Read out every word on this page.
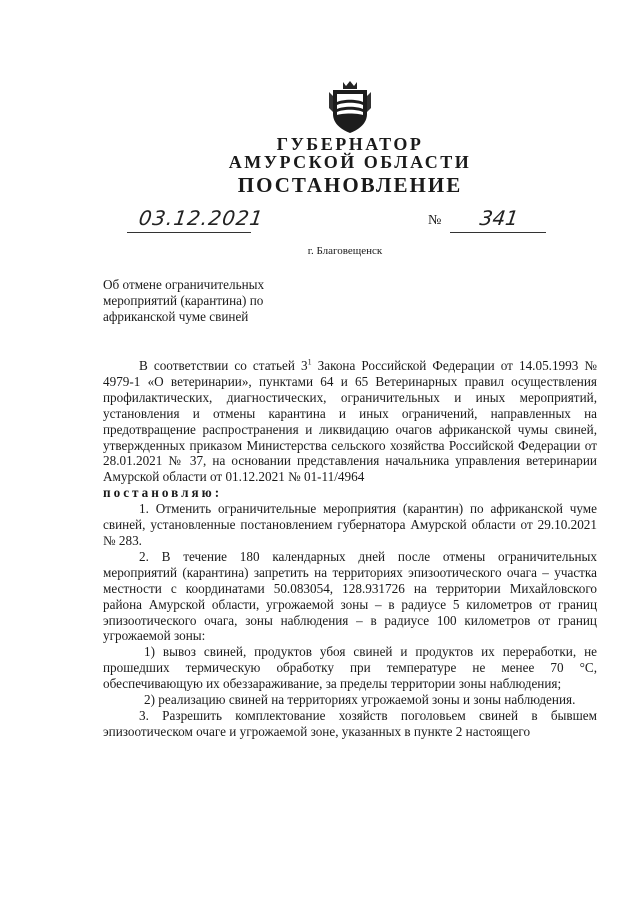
ГУБЕРНАТОР
АМУРСКОЙ ОБЛАСТИ
ПОСТАНОВЛЕНИЕ
03.12.2021	№ 341
г. Благовещенск
Об отмене ограничительных
мероприятий (карантина) по
африканской чуме свиней

В соответствии со статьей $3^1$ Закона Российской Федерации от 14.05.1993 № 4979-1 «О ветеринарии», пунктами 64 и 65 Ветеринарных правил осуществления профилактических, диагностических, ограничительных и иных мероприятий, установления и отмены карантина и иных ограничений, направленных на предотвращение распространения и ликвидацию очагов африканской чумы свиней, утвержденных приказом Министерства сельского хозяйства Российской Федерации от 28.01.2021 № 37, на основании представления начальника управления ветеринарии Амурской области от 01.12.2021 № 01-11/4964

постановляю:

1. Отменить ограничительные мероприятия (карантин) по африканской чуме свиней, установленные постановлением губернатора Амурской области от 29.10.2021 № 283.

2. В течение 180 календарных дней после отмены ограничительных мероприятий (карантина) запретить на территориях эпизоотического очага – участка местности с координатами 50.083054, 128.931726 на территории Михайловского района Амурской области, угрожаемой зоны – в радиусе 5 километров от границ эпизоотического очага, зоны наблюдения – в радиусе 100 километров от границ угрожаемой зоны:

1) вывоз свиней, продуктов убоя свиней и продуктов их переработки, не прошедших термическую обработку при температуре не менее 70 °С, обеспечивающую их обеззараживание, за пределы территории зоны наблюдения;

2) реализацию свиней на территориях угрожаемой зоны и зоны наблюдения.

3. Разрешить комплектование хозяйств поголовьем свиней в бывшем эпизоотическом очаге и угрожаемой зоне, указанных в пункте 2 настоящего
